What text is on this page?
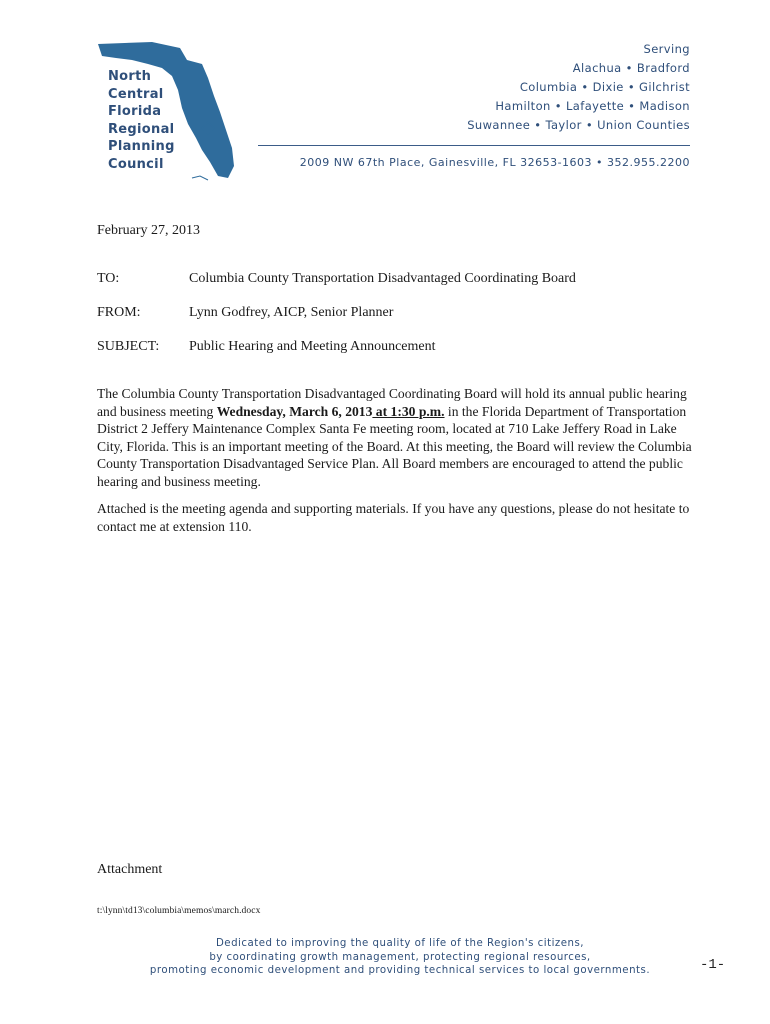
North
Central
Florida
Regional
Planning
Council
Serving
Alachua • Bradford
Columbia • Dixie • Gilchrist
Hamilton • Lafayette • Madison
Suwannee • Taylor • Union Counties
2009 NW 67th Place, Gainesville, FL 32653-1603 • 352.955.2200
February 27, 2013
TO:	Columbia County Transportation Disadvantaged Coordinating Board
FROM:	Lynn Godfrey, AICP, Senior Planner
SUBJECT: Public Hearing and Meeting Announcement
The Columbia County Transportation Disadvantaged Coordinating Board will hold its annual public hearing and business meeting Wednesday, March 6, 2013 at 1:30 p.m. in the Florida Department of Transportation District 2 Jeffery Maintenance Complex Santa Fe meeting room, located at 710 Lake Jeffery Road in Lake City, Florida. This is an important meeting of the Board. At this meeting, the Board will review the Columbia County Transportation Disadvantaged Service Plan. All Board members are encouraged to attend the public hearing and business meeting.
Attached is the meeting agenda and supporting materials. If you have any questions, please do not hesitate to contact me at extension 110.
Attachment
t:\lynn\td13\columbia\memos\march.docx
Dedicated to improving the quality of life of the Region's citizens,
by coordinating growth management, protecting regional resources,
promoting economic development and providing technical services to local governments.	-1-
